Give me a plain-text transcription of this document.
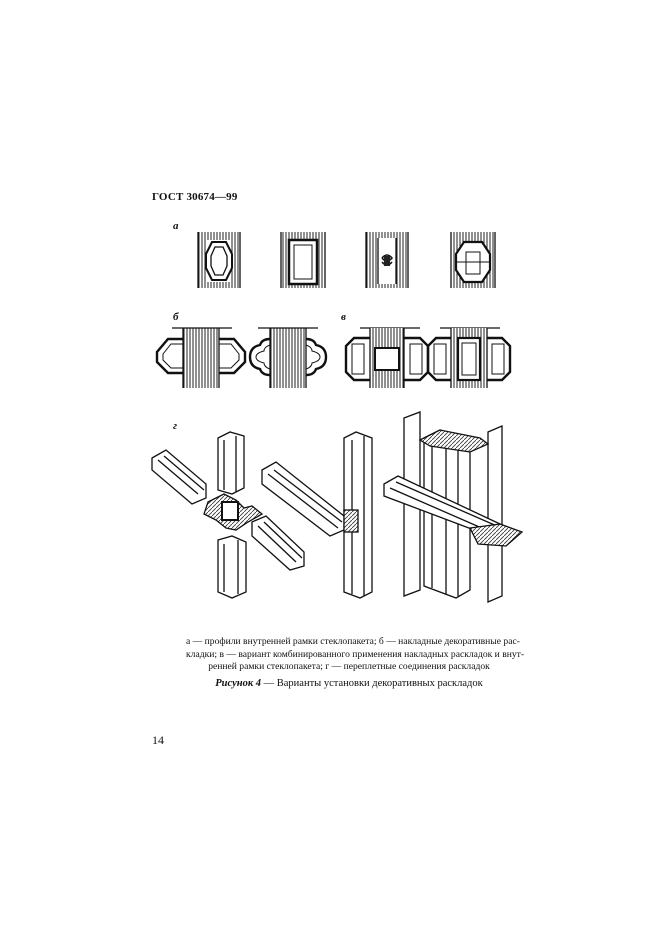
ГОСТ 30674—99
а
б	в
г
а — профили внутренней рамки стеклопакета; б — накладные декоративные рас-
кладки; в — вариант комбинированного применения накладных раскладок и внут-
ренней рамки стеклопакета; г — переплетные соединения раскладок
Рисунок 4 — Варианты установки декоративных раскладок
14
